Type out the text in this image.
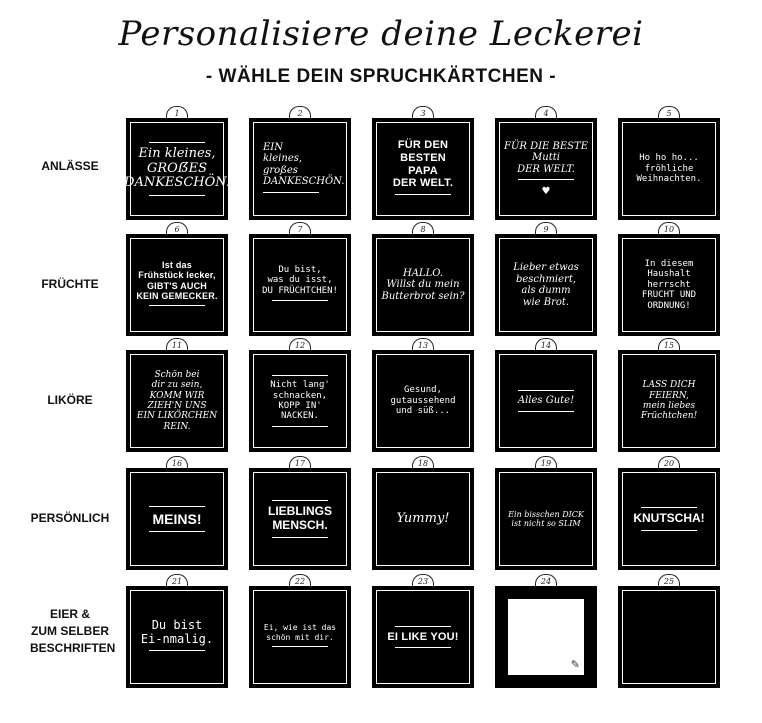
Personalisiere deine Leckerei
- WÄHLE DEIN SPRUCHKÄRTCHEN -
ANLÄSSE
FRÜCHTE
LIKÖRE
PERSÖNLICH
EIER &
ZUM SELBER
BESCHRIFTEN
1
Ein kleines,
GROẞES
DANKESCHÖN.
2
EIN
kleines,
großes
DANKESCHÖN.
3
FÜR DEN BESTEN
PAPA
DER WELT.
4
FÜR DIE BESTE
Mutti
DER WELT.
♥
5
Ho ho ho...
fröhliche
Weihnachten.
6
Ist das
Frühstück lecker,
GIBT'S AUCH
KEIN GEMECKER.
7
Du bist,
was du isst,
DU FRÜCHTCHEN!
8
HALLO.
Willst du mein
Butterbrot sein?
9
Lieber etwas
beschmiert,
als dumm
wie Brot.
10
In diesem
Haushalt
herrscht
FRUCHT UND
ORDNUNG!
11
Schön bei
dir zu sein,
KOMM WIR ZIEH'N UNS
EIN LIKÖRCHEN REIN.
12
Nicht lang'
schnacken,
KOPP IN' NACKEN.
13
Gesund,
gutaussehend
und süß...
14
Alles Gute!
15
LASS DICH FEIERN,
mein liebes
Früchtchen!
16
MEINS!
17
LIEBLINGS
MENSCH.
18
Yummy!
19
Ein bisschen DICK
ist nicht so SLIM
20
KNUTSCHA!
21
Du bist
Ei-nmalig.
22
Ei, wie ist das
schön mit dir.
23
EI LIKE YOU!
24
✎
25
